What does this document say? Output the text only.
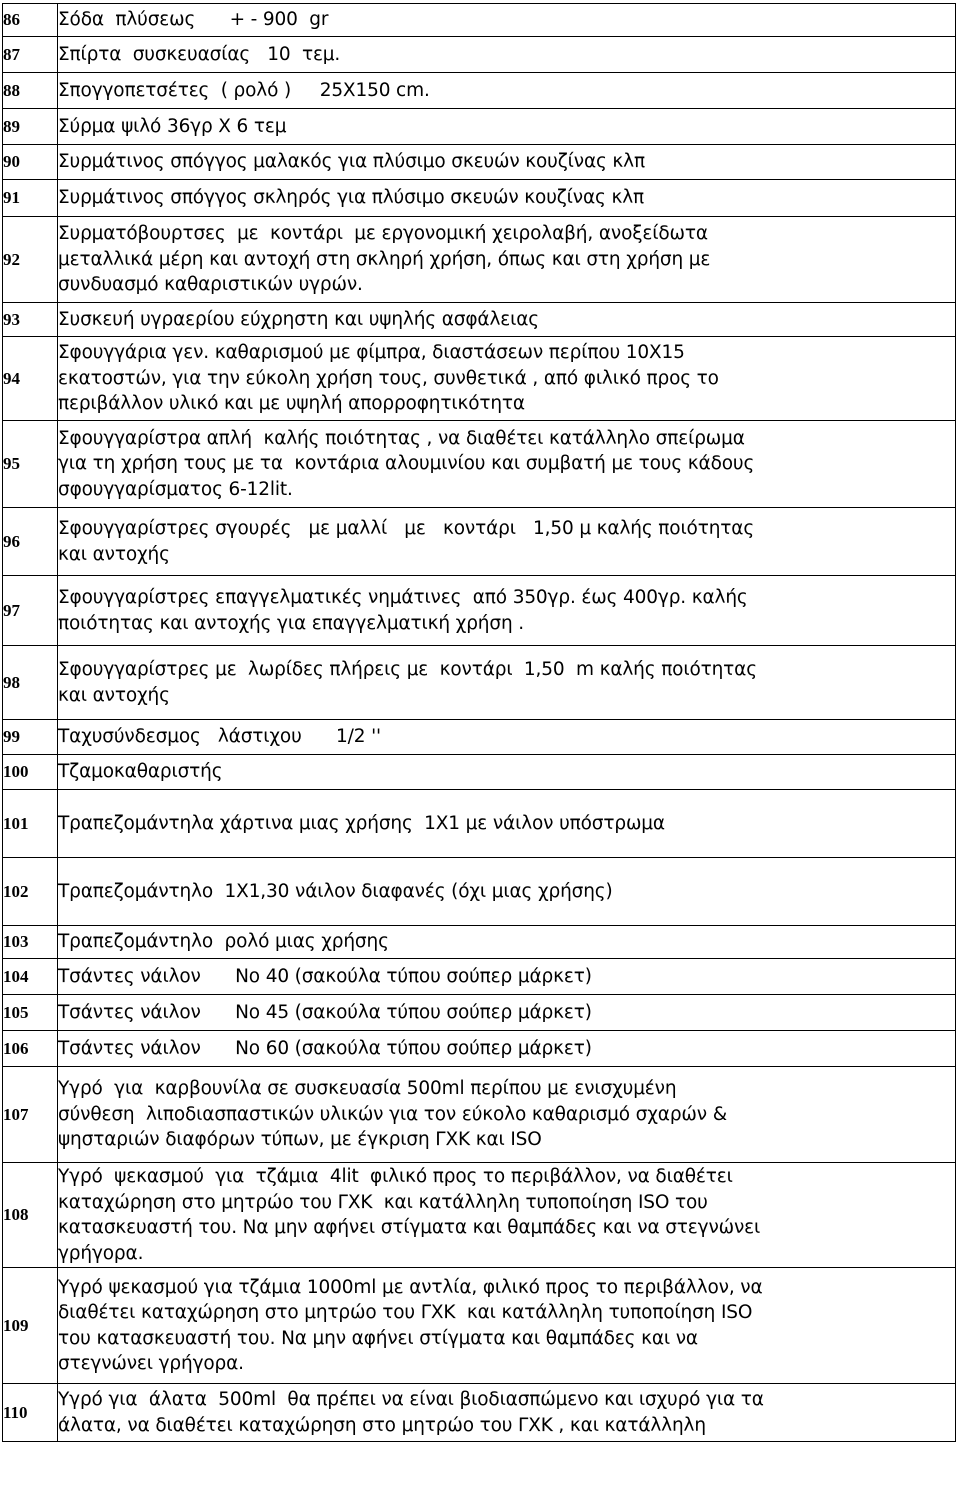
86	Σόδα  πλύσεως      + - 900  gr

87	Σπίρτα  συσκευασίας   10  τεμ.

88	Σπογγοπετσέτες  ( ρολό )     25Χ150 cm.

89	Σύρμα ψιλό 36γρ Χ 6 τεμ

90	Συρμάτινος σπόγγος μαλακός για πλύσιμο σκευών κουζίνας κλπ

91	Συρμάτινος σπόγγος σκληρός για πλύσιμο σκευών κουζίνας κλπ

92	Συρματόβουρτσες  με  κοντάρι  με εργονομική χειρολαβή, ανοξείδωτα
μεταλλικά μέρη και αντοχή στη σκληρή χρήση, όπως και στη χρήση με
συνδυασμό καθαριστικών υγρών.

93	Συσκευή υγραερίου εύχρηστη και υψηλής ασφάλειας

94	Σφουγγάρια γεν. καθαρισμού με φίμπρα, διαστάσεων περίπου 10Χ15
εκατοστών, για την εύκολη χρήση τους, συνθετικά , από φιλικό προς το
περιβάλλον υλικό και με υψηλή απορροφητικότητα

95	Σφουγγαρίστρα απλή  καλής ποιότητας , να διαθέτει κατάλληλο σπείρωμα
για τη χρήση τους με τα  κοντάρια αλουμινίου και συμβατή με τους κάδους
σφουγγαρίσματος 6-12lit.

96	Σφουγγαρίστρες σγουρές   με μαλλί   με   κοντάρι   1,50 μ καλής ποιότητας
και αντοχής

97	Σφουγγαρίστρες επαγγελματικές νημάτινες  από 350γρ. έως 400γρ. καλής
ποιότητας και αντοχής για επαγγελματική χρήση .

98	Σφουγγαρίστρες με  λωρίδες πλήρεις με  κοντάρι  1,50  m καλής ποιότητας
και αντοχής

99	Ταχυσύνδεσμος   λάστιχου      1/2 ''

100	Τζαμοκαθαριστής

101	Τραπεζομάντηλα χάρτινα μιας χρήσης  1Χ1 με νάιλον υπόστρωμα

102	Τραπεζομάντηλο  1Χ1,30 νάιλον διαφανές (όχι μιας χρήσης)

103	Τραπεζομάντηλο  ρολό μιας χρήσης

104	Τσάντες νάιλον      Νο 40 (σακούλα τύπου σούπερ μάρκετ)

105	Τσάντες νάιλον      Νο 45 (σακούλα τύπου σούπερ μάρκετ)

106	Τσάντες νάιλον      Νο 60 (σακούλα τύπου σούπερ μάρκετ)

107	Υγρό  για  καρβουνίλα σε συσκευασία 500ml περίπου με ενισχυμένη
σύνθεση  λιποδιασπαστικών υλικών για τον εύκολο καθαρισμό σχαρών &
ψησταριών διαφόρων τύπων, με έγκριση ΓΧΚ και ISO

108	Υγρό  ψεκασμού  για  τζάμια  4lit  φιλικό προς το περιβάλλον, να διαθέτει
καταχώρηση στο μητρώο του ΓΧΚ  και κατάλληλη τυποποίηση ISO του
κατασκευαστή του. Να μην αφήνει στίγματα και θαμπάδες και να στεγνώνει
γρήγορα.

109	Υγρό ψεκασμού για τζάμια 1000ml με αντλία, φιλικό προς το περιβάλλον, να
διαθέτει καταχώρηση στο μητρώο του ΓΧΚ  και κατάλληλη τυποποίηση ISO
του κατασκευαστή του. Να μην αφήνει στίγματα και θαμπάδες και να
στεγνώνει γρήγορα.

110	Υγρό για  άλατα  500ml  θα πρέπει να είναι βιοδιασπώμενο και ισχυρό για τα
άλατα, να διαθέτει καταχώρηση στο μητρώο του ΓΧΚ , και κατάλληλη
